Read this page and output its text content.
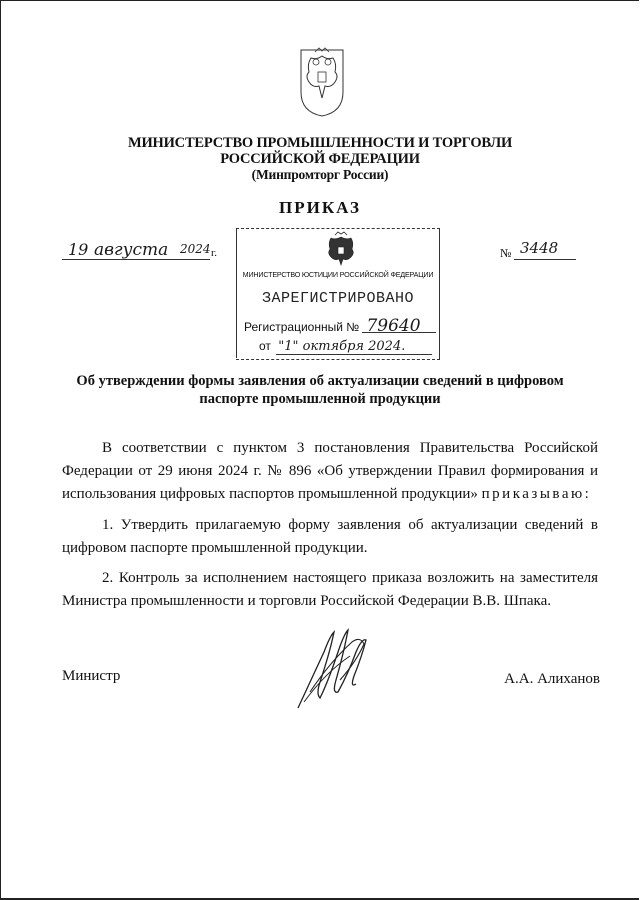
МИНИСТЕРСТВО ПРОМЫШЛЕННОСТИ И ТОРГОВЛИ
РОССИЙСКОЙ ФЕДЕРАЦИИ
(Минпромторг России)
ПРИКАЗ
19 августа 2024 г.	№ 3448
МИНИСТЕРСТВО ЮСТИЦИИ РОССИЙСКОЙ ФЕДЕРАЦИИ
ЗАРЕГИСТРИРОВАНО
Регистрационный № 79640
от "1" октября 2024.
Об утверждении формы заявления об актуализации сведений в цифровом
паспорте промышленной продукции
В соответствии с пунктом 3 постановления Правительства Российской Федерации от 29 июня 2024 г. № 896 «Об утверждении Правил формирования и использования цифровых паспортов промышленной продукции» приказываю:
1. Утвердить прилагаемую форму заявления об актуализации сведений в цифровом паспорте промышленной продукции.
2. Контроль за исполнением настоящего приказа возложить на заместителя Министра промышленности и торговли Российской Федерации В.В. Шпака.
Министр	А.А. Алиханов
